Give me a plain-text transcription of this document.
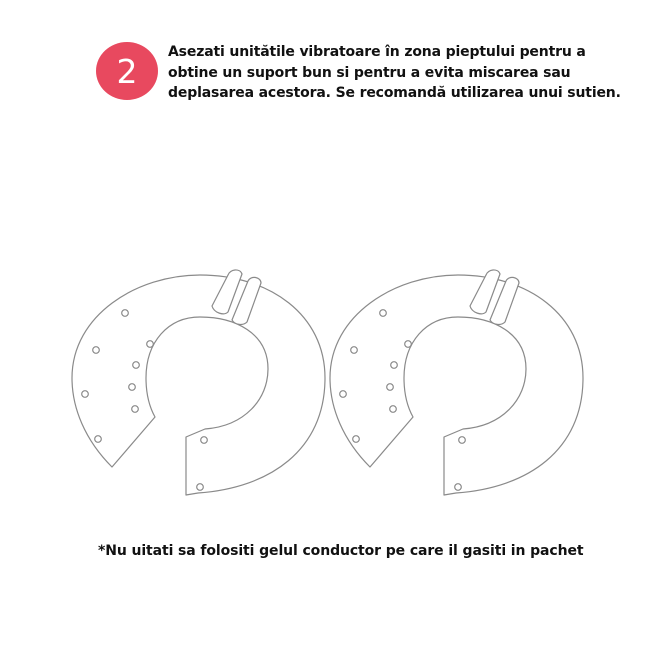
2 Asezati unitătile vibratoare în zona pieptului pentru a
obtine un suport bun si pentru a evita miscarea sau
deplasarea acestora. Se recomandă utilizarea unui sutien.

*Nu uitati sa folositi gelul conductor pe care il gasiti in pachet
